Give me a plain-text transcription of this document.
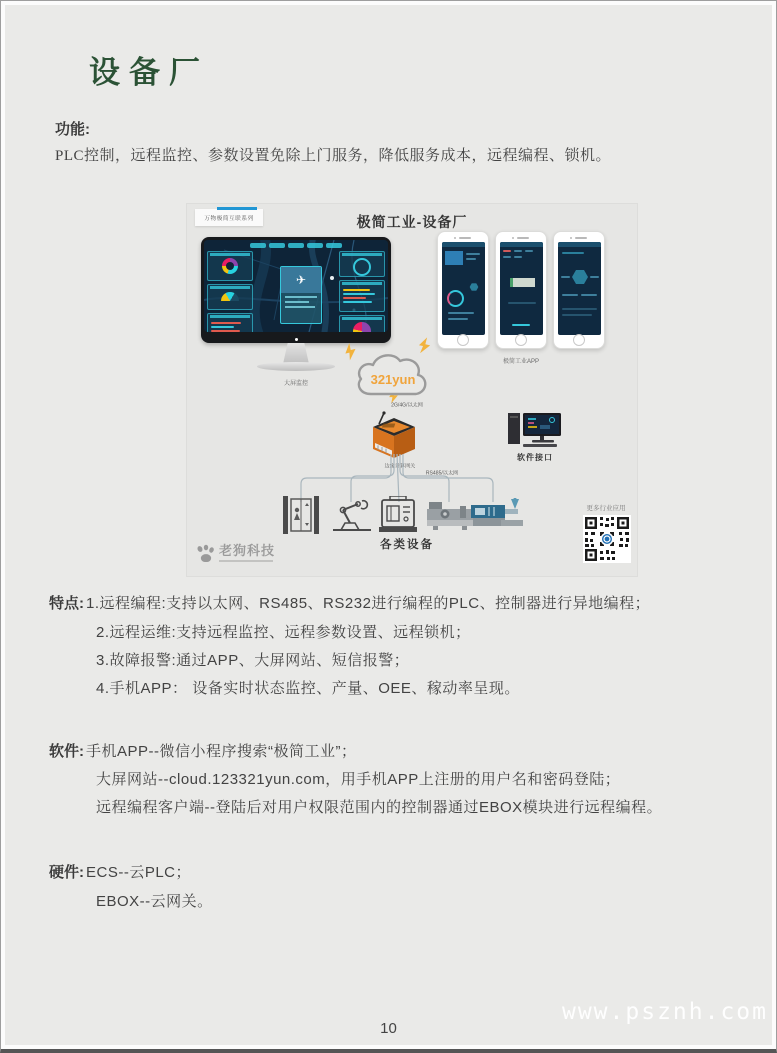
设备厂
功能:
PLC控制，远程监控、参数设置免除上门服务，降低服务成本，远程编程、锁机。
万物极简互联系列	极简工业-设备厂
✈
大屏监控
极简工业APP
321yun
2G/4G/以太网
边缘计算网关
软件接口
RS485/以太网
各类设备
老狗科技
更多行业应用
特点: 1.远程编程:支持以太网、RS485、RS232进行编程的PLC、控制器进行异地编程；
2.远程运维:支持远程监控、远程参数设置、远程锁机；
3.故障报警:通过APP、大屏网站、短信报警；
4.手机APP： 设备实时状态监控、产量、OEE、稼动率呈现。
软件: 手机APP--微信小程序搜索“极简工业”；
大屏网站--cloud.123321yun.com，用手机APP上注册的用户名和密码登陆；
远程编程客户端--登陆后对用户权限范围内的控制器通过EBOX模块进行远程编程。
硬件: ECS--云PLC；
EBOX--云网关。
10
www.psznh.com
